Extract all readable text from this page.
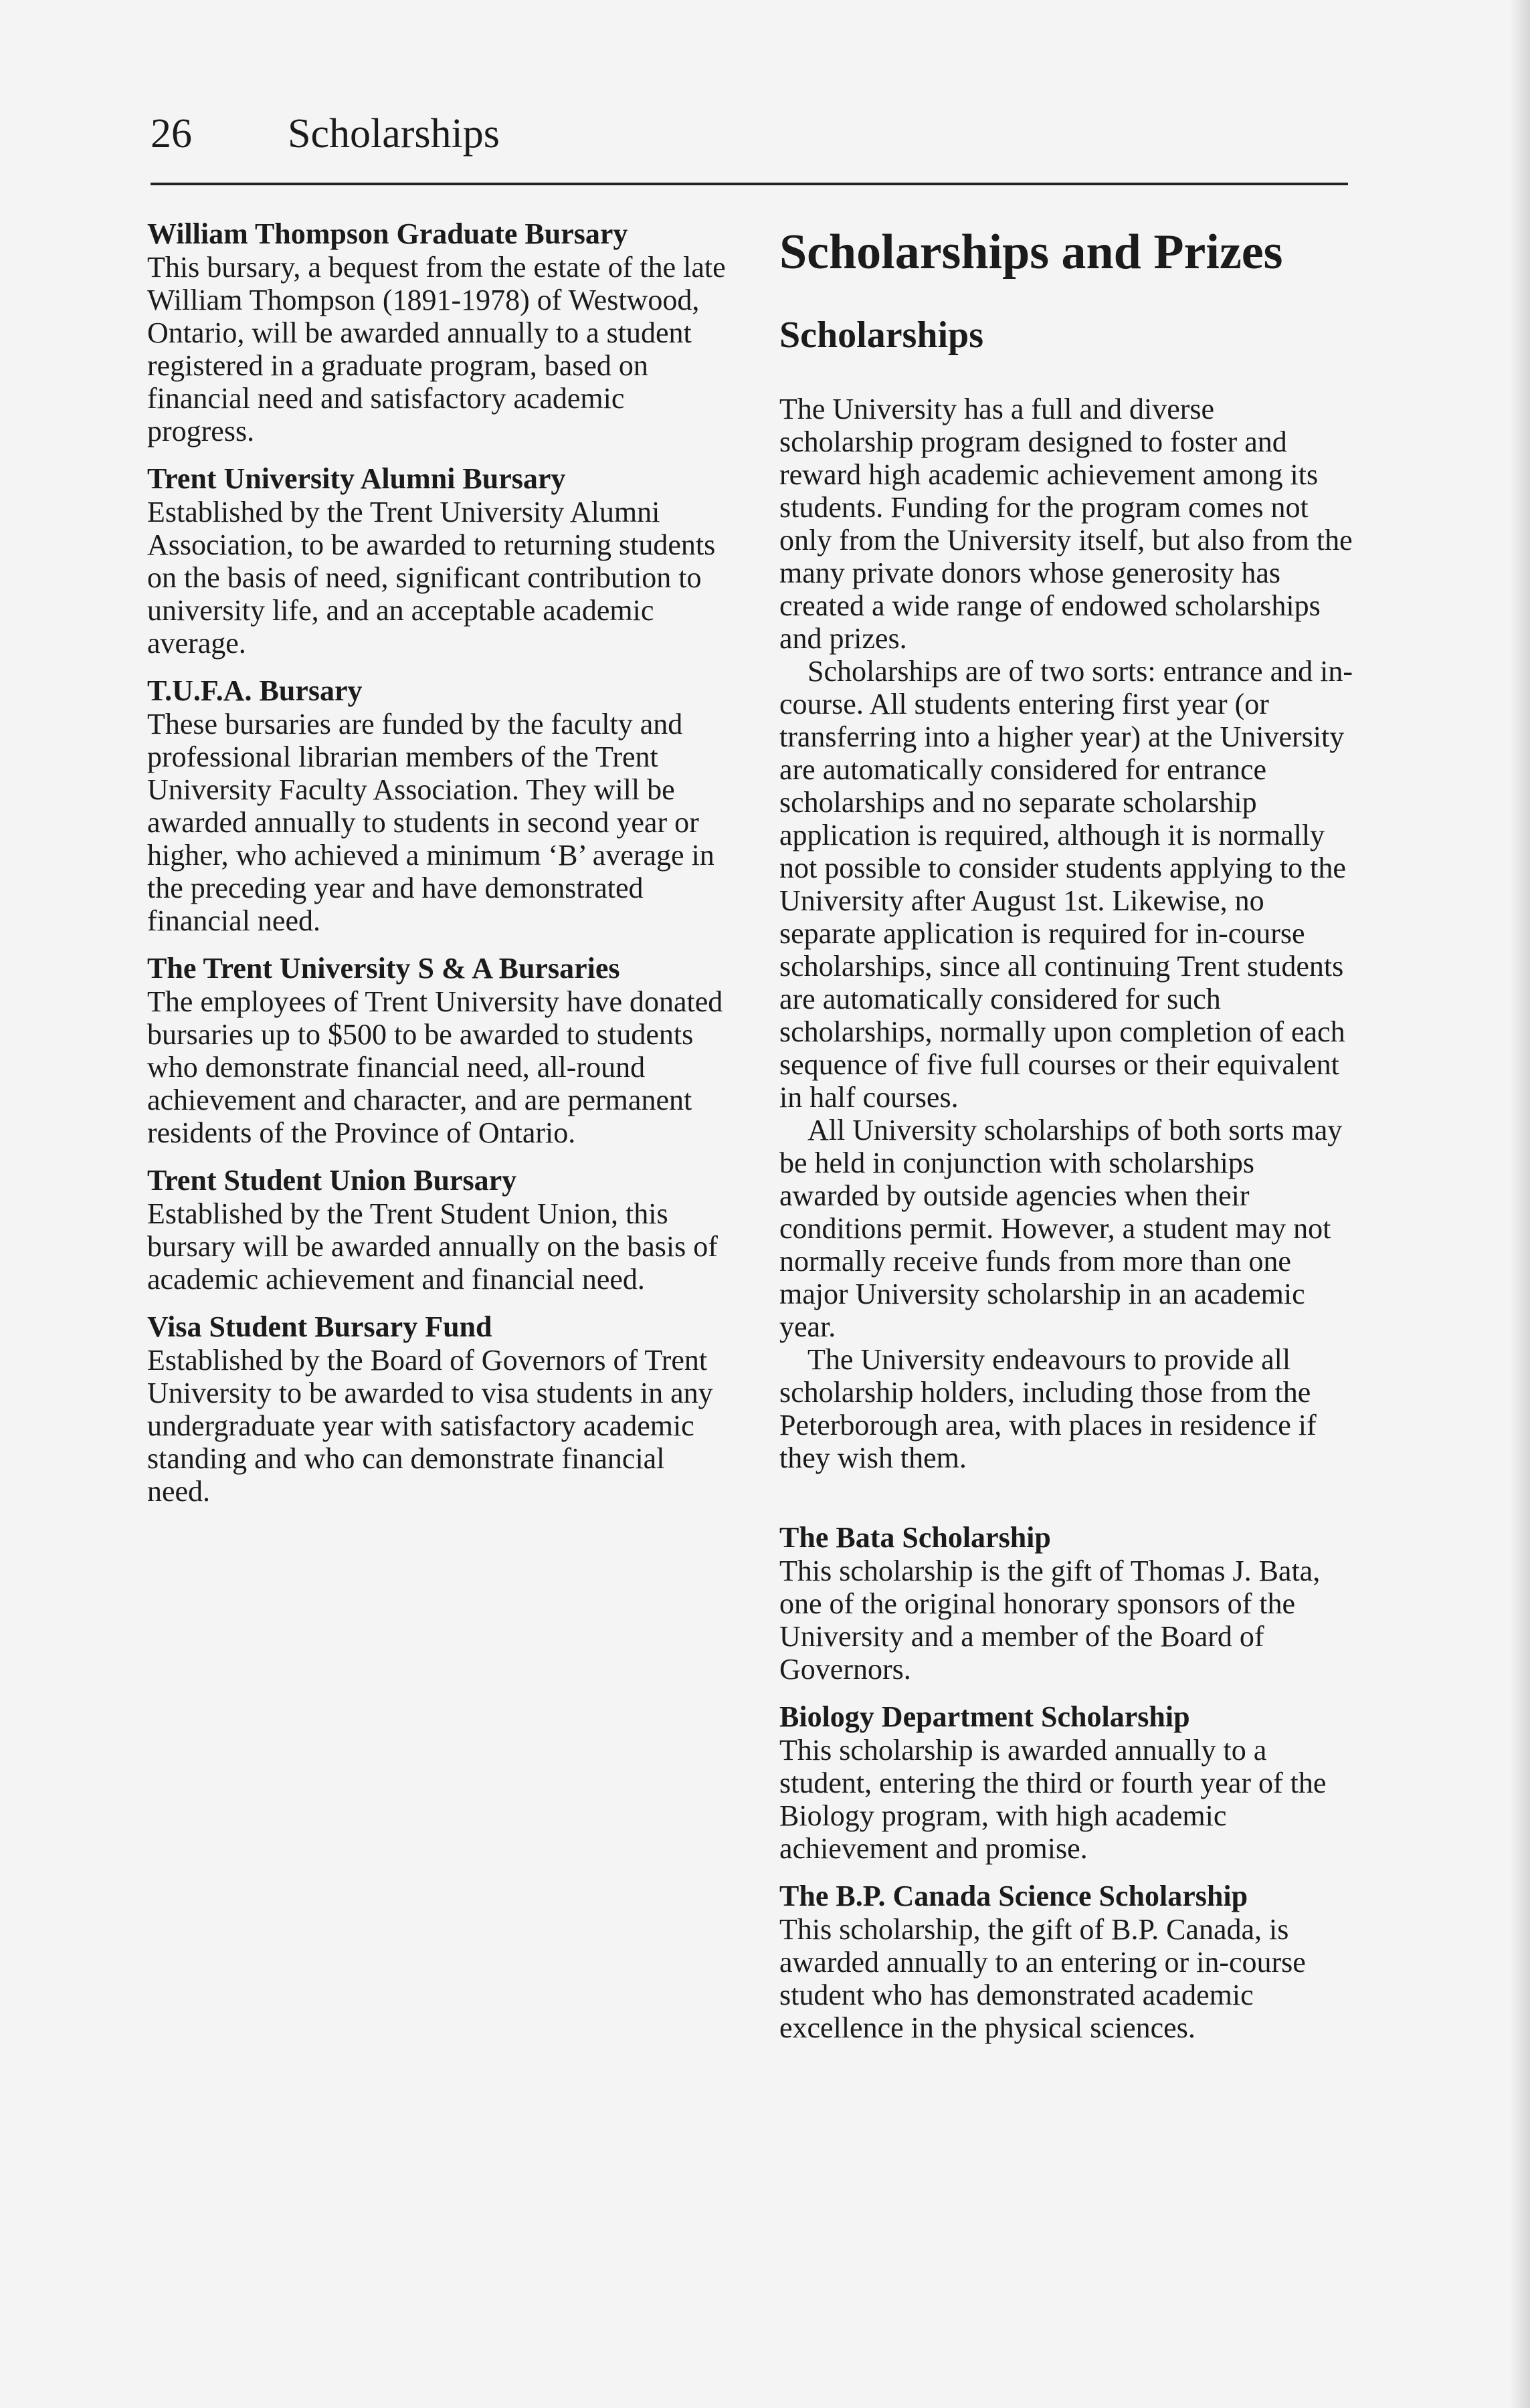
26 Scholarships
William Thompson Graduate Bursary

This bursary, a bequest from the estate of the late William Thompson (1891-1978) of Westwood, Ontario, will be awarded annually to a student registered in a graduate program, based on financial need and satisfactory academic progress.

Trent University Alumni Bursary

Established by the Trent University Alumni Association, to be awarded to returning students on the basis of need, significant contribution to university life, and an acceptable academic average.

T.U.F.A. Bursary

These bursaries are funded by the faculty and professional librarian members of the Trent University Faculty Association. They will be awarded annually to students in second year or higher, who achieved a minimum ‘B’ average in the preceding year and have demonstrated financial need.

The Trent University S & A Bursaries

The employees of Trent University have donated bursaries up to $500 to be awarded to students who demonstrate financial need, all-round achievement and character, and are permanent residents of the Province of Ontario.

Trent Student Union Bursary

Established by the Trent Student Union, this bursary will be awarded annually on the basis of academic achievement and financial need.

Visa Student Bursary Fund

Established by the Board of Governors of Trent University to be awarded to visa students in any undergraduate year with satisfactory academic standing and who can demonstrate financial need.

Scholarships and Prizes
Scholarships

The University has a full and diverse scholarship program designed to foster and reward high academic achievement among its students. Funding for the program comes not only from the University itself, but also from the many private donors whose generosity has created a wide range of endowed scholarships and prizes.

Scholarships are of two sorts: entrance and in-course. All students entering first year (or transferring into a higher year) at the University are automatically considered for entrance scholarships and no separate scholarship application is required, although it is normally not possible to consider students applying to the University after August 1st. Likewise, no separate application is required for in-course scholarships, since all continuing Trent students are automatically considered for such scholarships, normally upon completion of each sequence of five full courses or their equivalent in half courses.

All University scholarships of both sorts may be held in conjunction with scholarships awarded by outside agencies when their conditions permit. However, a student may not normally receive funds from more than one major University scholarship in an academic year.

The University endeavours to provide all scholarship holders, including those from the Peterborough area, with places in residence if they wish them.

The Bata Scholarship

This scholarship is the gift of Thomas J. Bata, one of the original honorary sponsors of the University and a member of the Board of Governors.

Biology Department Scholarship

This scholarship is awarded annually to a student, entering the third or fourth year of the Biology program, with high academic achievement and promise.

The B.P. Canada Science Scholarship

This scholarship, the gift of B.P. Canada, is awarded annually to an entering or in-course student who has demonstrated academic excellence in the physical sciences.
